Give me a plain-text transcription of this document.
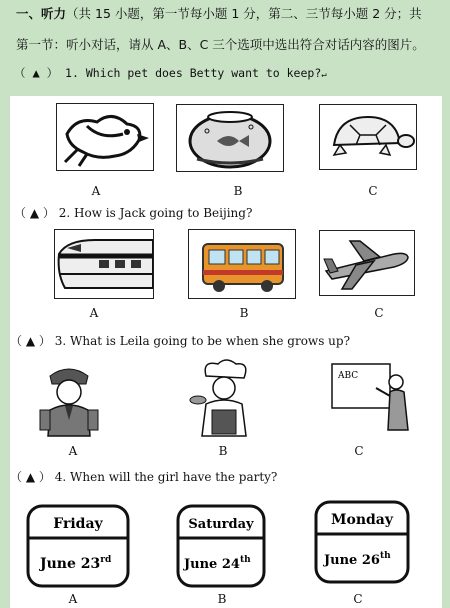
一、听力（共 15 小题，第一节每小题 1 分，第二、三节每小题 2 分；共
第一节：听小对话，请从 A、B、C 三个选项中选出符合对话内容的图片。
（ ▲ ） 1. Which pet does Betty want to keep?↵
A	B	C
（ ▲ ） 2. How is Jack going to Beijing?
A	B	C
（ ▲ ） 3. What is Leila going to be when she grows up?
ABC
A	B	C
（ ▲ ） 4. When will the girl have the party?
Friday
June 23rd
Saturday
June 24th
Monday
June 26th
A	B	C
